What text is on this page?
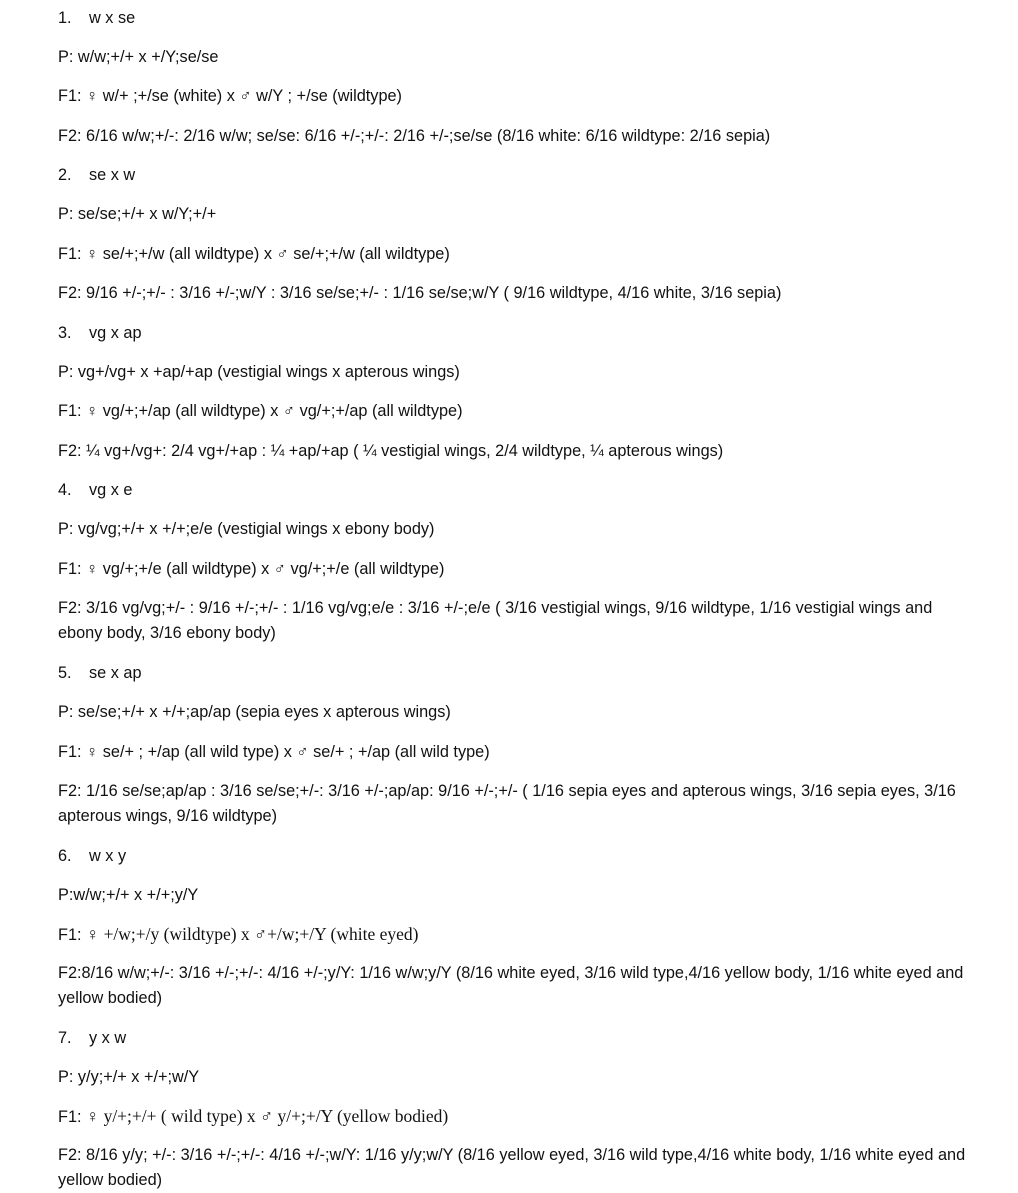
1. w x se
P: w/w;+/+ x +/Y;se/se
F1: ♀ w/+ ;+/se (white) x ♂ w/Y ; +/se (wildtype)
F2: 6/16 w/w;+/-: 2/16 w/w; se/se: 6/16 +/-;+/-: 2/16 +/-;se/se (8/16 white: 6/16 wildtype: 2/16 sepia)
2. se x w
P: se/se;+/+ x w/Y;+/+
F1: ♀ se/+;+/w (all wildtype) x ♂ se/+;+/w (all wildtype)
F2: 9/16 +/-;+/- : 3/16 +/-;w/Y : 3/16 se/se;+/- : 1/16 se/se;w/Y ( 9/16 wildtype, 4/16 white, 3/16 sepia)
3. vg x ap
P: vg+/vg+ x +ap/+ap (vestigial wings x apterous wings)
F1: ♀ vg/+;+/ap (all wildtype) x ♂ vg/+;+/ap (all wildtype)
F2: ¼ vg+/vg+: 2/4 vg+/+ap : ¼ +ap/+ap ( ¼ vestigial wings, 2/4 wildtype, ¼ apterous wings)
4. vg x e
P: vg/vg;+/+ x +/+;e/e (vestigial wings x ebony body)
F1: ♀ vg/+;+/e (all wildtype) x ♂ vg/+;+/e (all wildtype)
F2: 3/16 vg/vg;+/- : 9/16 +/-;+/- : 1/16 vg/vg;e/e : 3/16 +/-;e/e ( 3/16 vestigial wings, 9/16 wildtype, 1/16 vestigial wings and ebony body, 3/16 ebony body)
5. se x ap
P: se/se;+/+ x +/+;ap/ap (sepia eyes x apterous wings)
F1: ♀ se/+ ; +/ap (all wild type) x ♂ se/+ ; +/ap (all wild type)
F2: 1/16 se/se;ap/ap : 3/16 se/se;+/-: 3/16 +/-;ap/ap: 9/16 +/-;+/- ( 1/16 sepia eyes and apterous wings, 3/16 sepia eyes, 3/16 apterous wings, 9/16 wildtype)
6. w x y
P:w/w;+/+ x +/+;y/Y
F1: ♀ +/w;+/y (wildtype) x ♂+/w;+/Y (white eyed)
F2:8/16 w/w;+/-: 3/16 +/-;+/-: 4/16 +/-;y/Y: 1/16 w/w;y/Y (8/16 white eyed, 3/16 wild type,4/16 yellow body, 1/16 white eyed and yellow bodied)
7. y x w
P: y/y;+/+ x +/+;w/Y
F1: ♀ y/+;+/+ ( wild type) x ♂ y/+;+/Y (yellow bodied)
F2: 8/16 y/y; +/-: 3/16 +/-;+/-: 4/16 +/-;w/Y: 1/16 y/y;w/Y (8/16 yellow eyed, 3/16 wild type,4/16 white body, 1/16 white eyed and yellow bodied)
